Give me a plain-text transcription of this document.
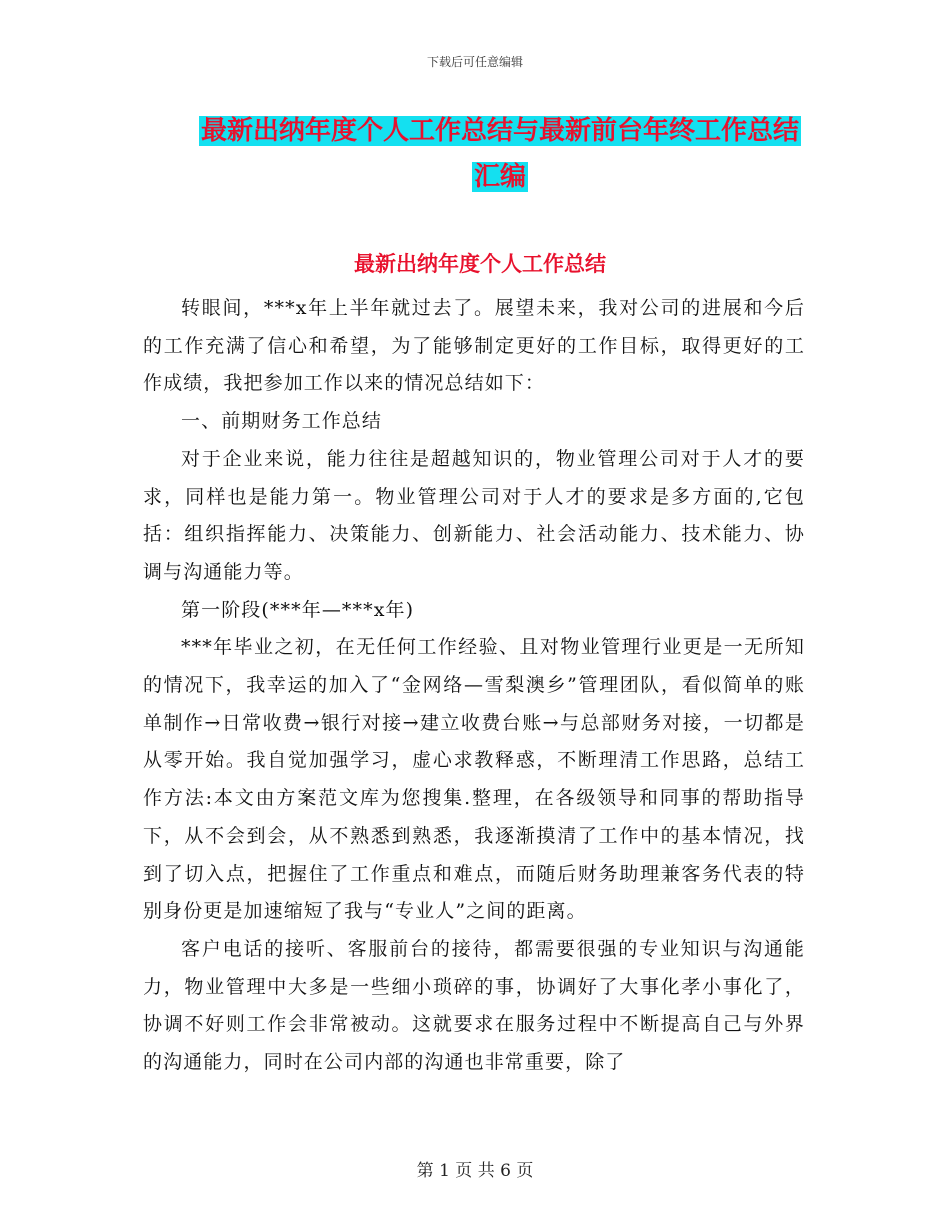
下载后可任意编辑
最新出纳年度个人工作总结与最新前台年终工作总结
汇编
最新出纳年度个人工作总结

转眼间，***x年上半年就过去了。展望未来，我对公司的进展和今后的工作充满了信心和希望，为了能够制定更好的工作目标，取得更好的工作成绩，我把参加工作以来的情况总结如下：

一、前期财务工作总结

对于企业来说，能力往往是超越知识的，物业管理公司对于人才的要求，同样也是能力第一。物业管理公司对于人才的要求是多方面的,它包括：组织指挥能力、决策能力、创新能力、社会活动能力、技术能力、协调与沟通能力等。

第一阶段(***年—***x年)

***年毕业之初，在无任何工作经验、且对物业管理行业更是一无所知的情况下，我幸运的加入了“金网络—雪梨澳乡”管理团队，看似简单的账单制作→日常收费→银行对接→建立收费台账→与总部财务对接，一切都是从零开始。我自觉加强学习，虚心求教释惑，不断理清工作思路，总结工作方法:本文由方案范文库为您搜集.整理，在各级领导和同事的帮助指导下，从不会到会，从不熟悉到熟悉，我逐渐摸清了工作中的基本情况，找到了切入点，把握住了工作重点和难点，而随后财务助理兼客务代表的特别身份更是加速缩短了我与“专业人”之间的距离。

客户电话的接听、客服前台的接待，都需要很强的专业知识与沟通能力，物业管理中大多是一些细小琐碎的事，协调好了大事化孝小事化了，协调不好则工作会非常被动。这就要求在服务过程中不断提高自己与外界的沟通能力，同时在公司内部的沟通也非常重要，除了

第 1 页 共 6 页
